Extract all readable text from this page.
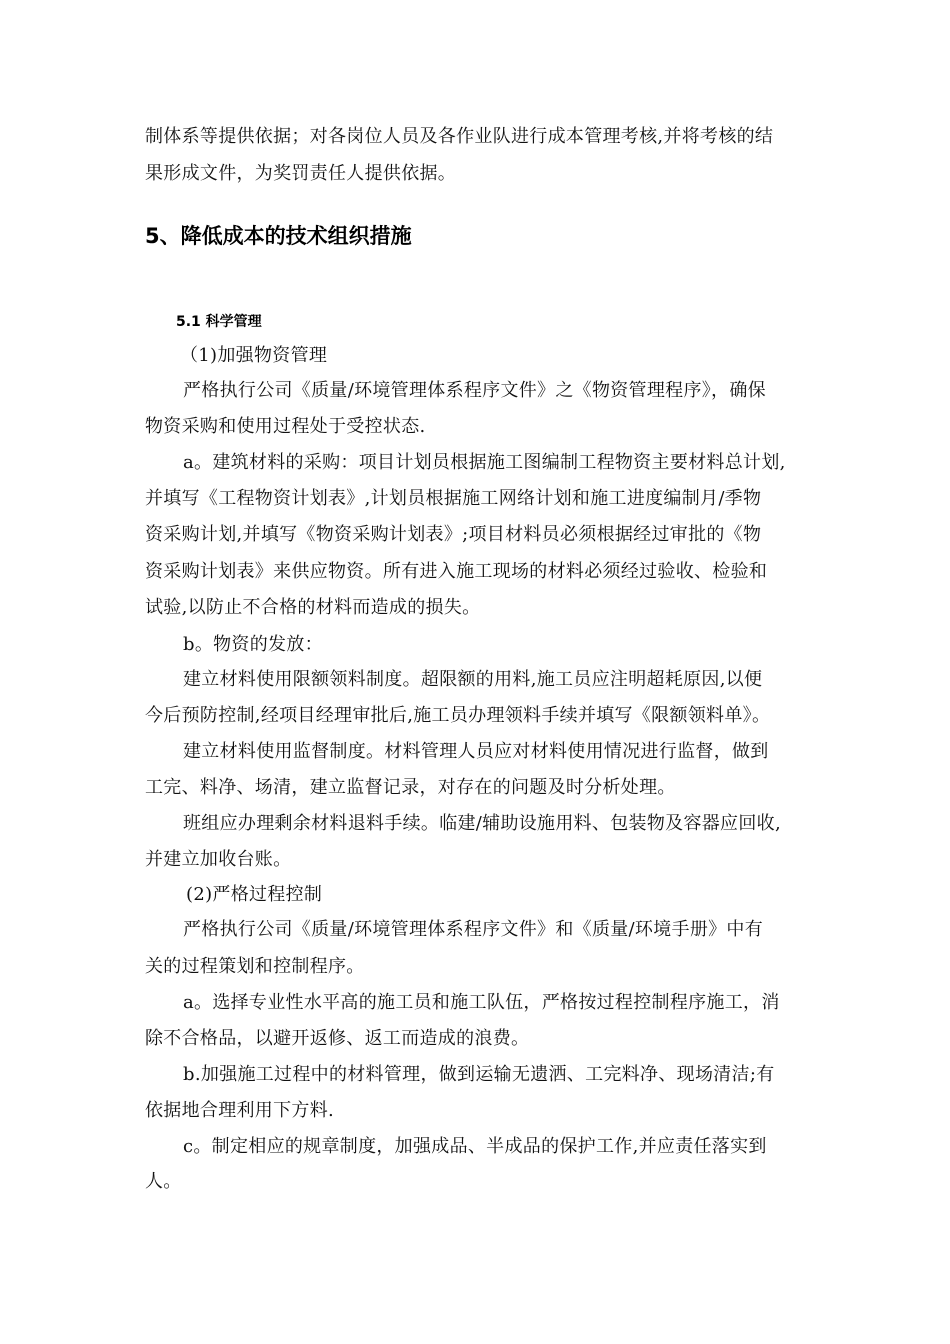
制体系等提供依据；对各岗位人员及各作业队进行成本管理考核,并将考核的结
果形成文件，为奖罚责任人提供依据。
5、降低成本的技术组织措施
5.1 科学管理
（1)加强物资管理
严格执行公司《质量/环境管理体系程序文件》之《物资管理程序》，确保
物资采购和使用过程处于受控状态.
a。建筑材料的采购：项目计划员根据施工图编制工程物资主要材料总计划,
并填写《工程物资计划表》,计划员根据施工网络计划和施工进度编制月/季物
资采购计划,并填写《物资采购计划表》;项目材料员必须根据经过审批的《物
资采购计划表》来供应物资。所有进入施工现场的材料必须经过验收、检验和
试验,以防止不合格的材料而造成的损失。
b。物资的发放：
建立材料使用限额领料制度。超限额的用料,施工员应注明超耗原因,以便
今后预防控制,经项目经理审批后,施工员办理领料手续并填写《限额领料单》。
建立材料使用监督制度。材料管理人员应对材料使用情况进行监督，做到
工完、料净、场清，建立监督记录，对存在的问题及时分析处理。
班组应办理剩余材料退料手续。临建/辅助设施用料、包装物及容器应回收,
并建立加收台账。
(2)严格过程控制
严格执行公司《质量/环境管理体系程序文件》和《质量/环境手册》中有
关的过程策划和控制程序。
a。选择专业性水平高的施工员和施工队伍，严格按过程控制程序施工，消
除不合格品，以避开返修、返工而造成的浪费。
b.加强施工过程中的材料管理，做到运输无遗洒、工完料净、现场清洁;有
依据地合理利用下方料.
c。制定相应的规章制度，加强成品、半成品的保护工作,并应责任落实到
人。
